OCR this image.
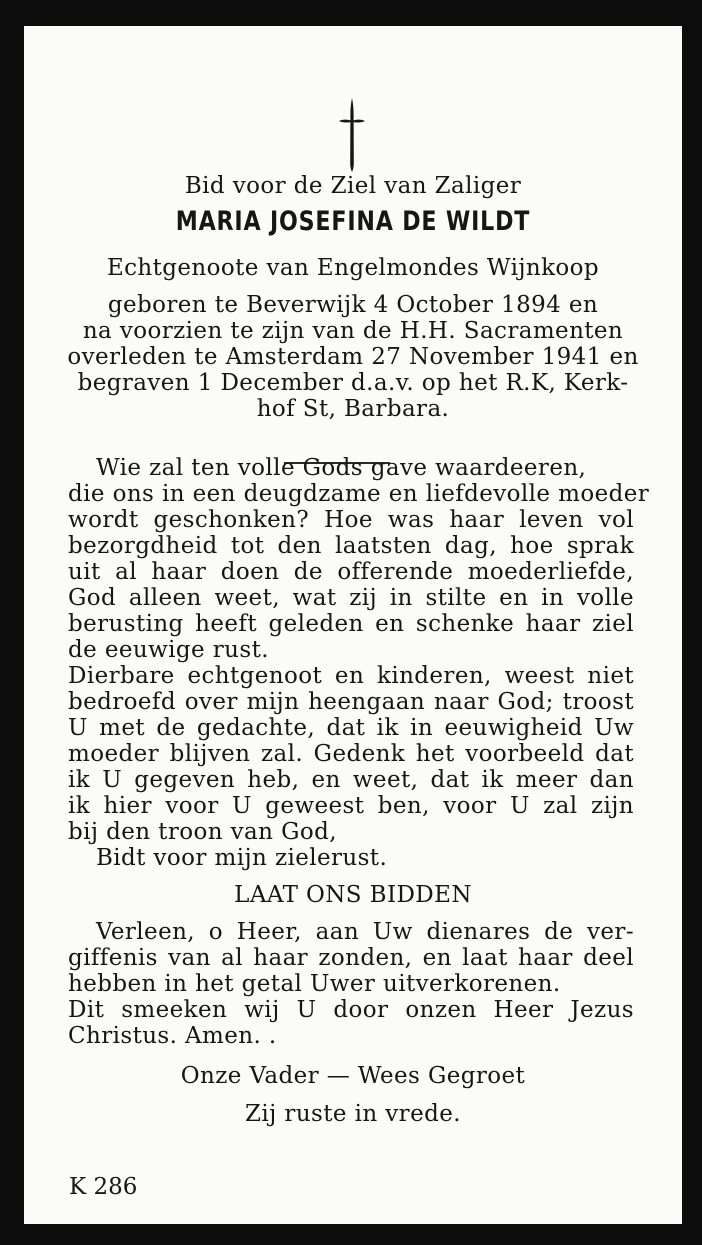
Bid voor de Ziel van Zaliger
MARIA JOSEFINA DE WILDT
Echtgenoote van Engelmondes Wijnkoop
geboren te Beverwijk 4 October 1894 en
na voorzien te zijn van de H.H. Sacramenten
overleden te Amsterdam 27 November 1941 en
begraven 1 December d.a.v. op het R.K, Kerk-
hof St, Barbara.
Wie zal ten volle Gods gave waardeeren,
die ons in een deugdzame en liefdevolle moeder
wordt geschonken? Hoe was haar leven vol
bezorgdheid tot den laatsten dag, hoe sprak
uit al haar doen de offerende moederliefde,
God alleen weet, wat zij in stilte en in volle
berusting heeft geleden en schenke haar ziel
de eeuwige rust.
Dierbare echtgenoot en kinderen, weest niet
bedroefd over mijn heengaan naar God; troost
U met de gedachte, dat ik in eeuwigheid Uw
moeder blijven zal. Gedenk het voorbeeld dat
ik U gegeven heb, en weet, dat ik meer dan
ik hier voor U geweest ben, voor U zal zijn
bij den troon van God,
Bidt voor mijn zielerust.
LAAT ONS BIDDEN
Verleen, o Heer, aan Uw dienares de ver-
giffenis van al haar zonden, en laat haar deel
hebben in het getal Uwer uitverkorenen.
Dit smeeken wij U door onzen Heer Jezus
Christus. Amen. .
Onze Vader — Wees Gegroet
Zij ruste in vrede.
K 286
